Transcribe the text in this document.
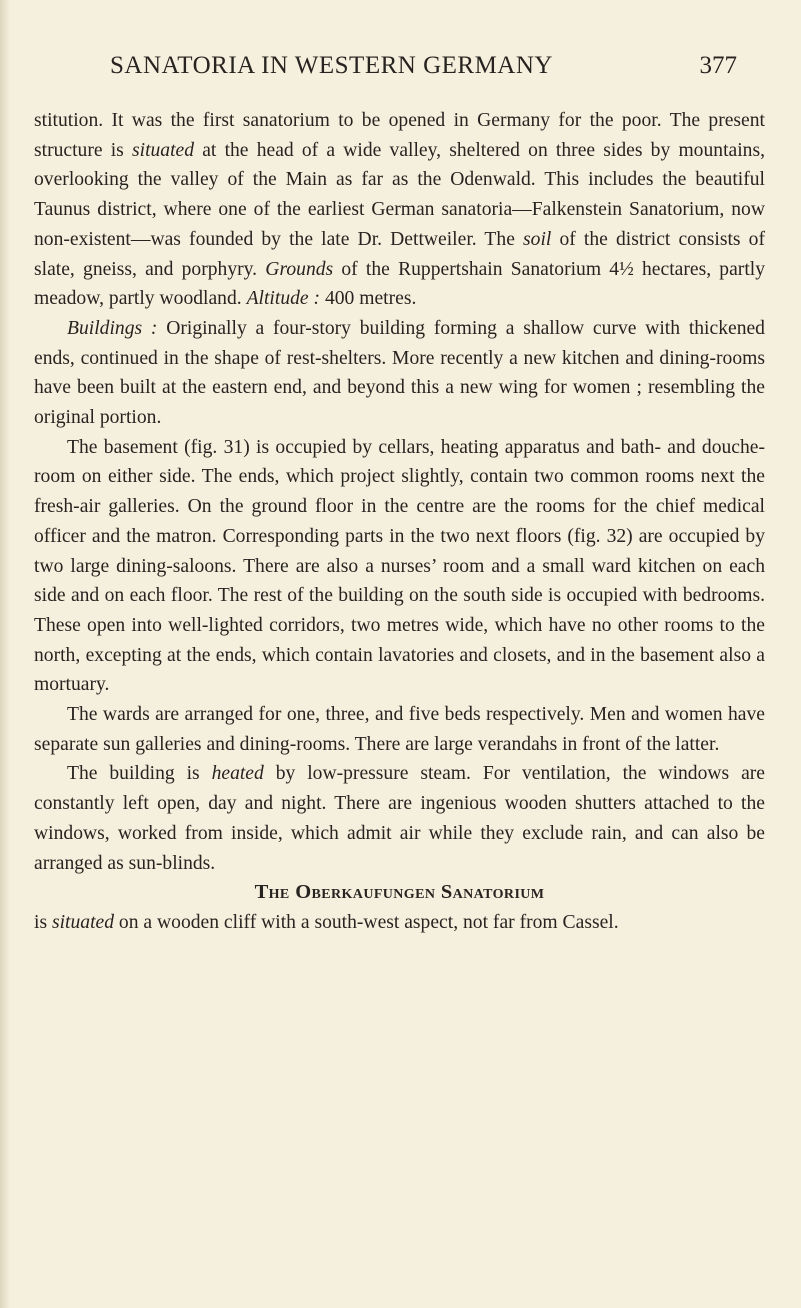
SANATORIA IN WESTERN GERMANY	377

stitution. It was the first sanatorium to be opened in Germany for the poor. The present structure is situated at the head of a wide valley, sheltered on three sides by mountains, overlooking the valley of the Main as far as the Odenwald. This includes the beautiful Taunus district, where one of the earliest German sanatoria—Falkenstein Sanatorium, now non-existent—was founded by the late Dr. Dettweiler. The soil of the district consists of slate, gneiss, and porphyry. Grounds of the Ruppertshain Sanatorium 4½ hectares, partly meadow, partly woodland. Altitude : 400 metres.

Buildings : Originally a four-story building forming a shallow curve with thickened ends, continued in the shape of rest-shelters. More recently a new kitchen and dining-rooms have been built at the eastern end, and beyond this a new wing for women ; resembling the original portion.

The basement (fig. 31) is occupied by cellars, heating apparatus and bath- and douche-room on either side. The ends, which project slightly, contain two common rooms next the fresh-air galleries. On the ground floor in the centre are the rooms for the chief medical officer and the matron. Corresponding parts in the two next floors (fig. 32) are occupied by two large dining-saloons. There are also a nurses’ room and a small ward kitchen on each side and on each floor. The rest of the building on the south side is occupied with bedrooms. These open into well-lighted corridors, two metres wide, which have no other rooms to the north, excepting at the ends, which contain lavatories and closets, and in the basement also a mortuary.

The wards are arranged for one, three, and five beds respectively. Men and women have separate sun galleries and dining-rooms. There are large verandahs in front of the latter.

The building is heated by low-pressure steam. For ventilation, the windows are constantly left open, day and night. There are ingenious wooden shutters attached to the windows, worked from inside, which admit air while they exclude rain, and can also be arranged as sun-blinds.

The Oberkaufungen Sanatorium

is situated on a wooden cliff with a south-west aspect, not far from Cassel.
